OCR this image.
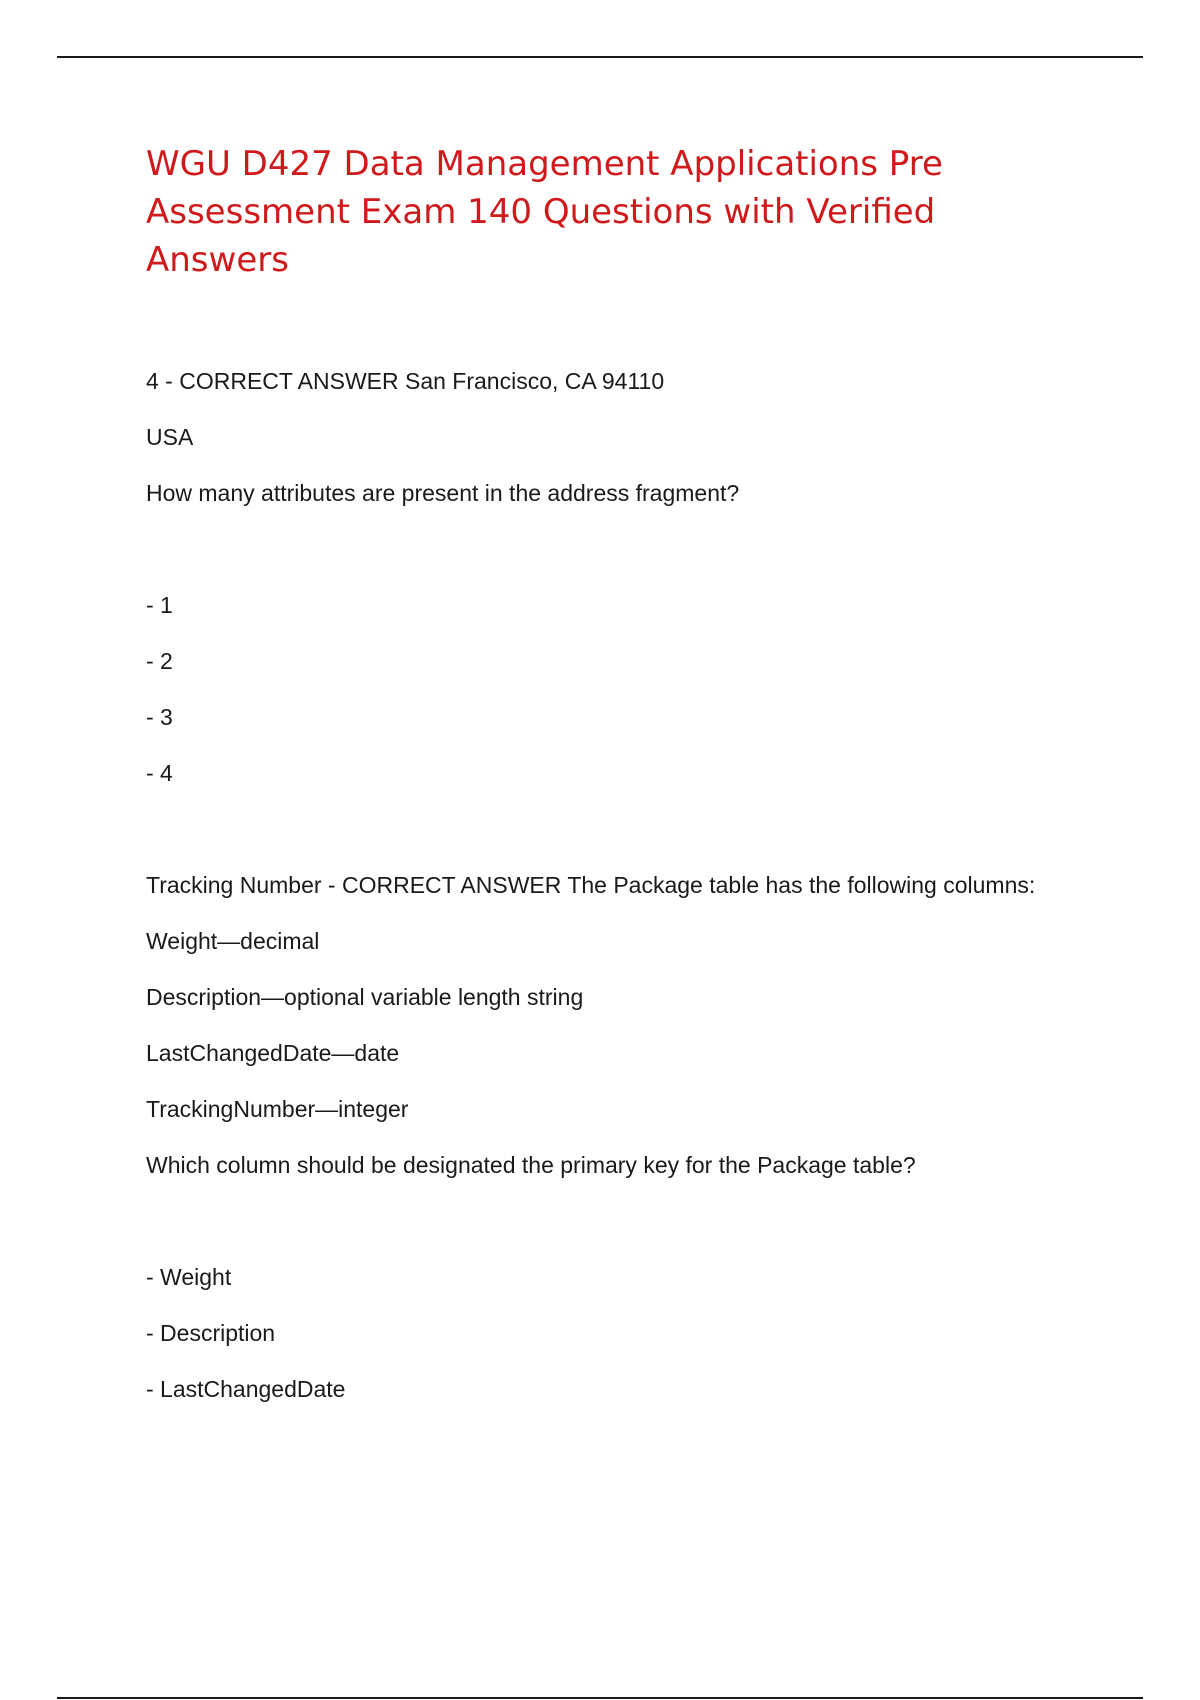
WGU D427 Data Management Applications Pre Assessment Exam 140 Questions with Verified Answers

4 - CORRECT ANSWER San Francisco, CA 94110

USA

How many attributes are present in the address fragment?

- 1

- 2

- 3

- 4

Tracking Number - CORRECT ANSWER The Package table has the following columns:

Weight—decimal

Description—optional variable length string

LastChangedDate—date

TrackingNumber—integer

Which column should be designated the primary key for the Package table?

- Weight

- Description

- LastChangedDate
